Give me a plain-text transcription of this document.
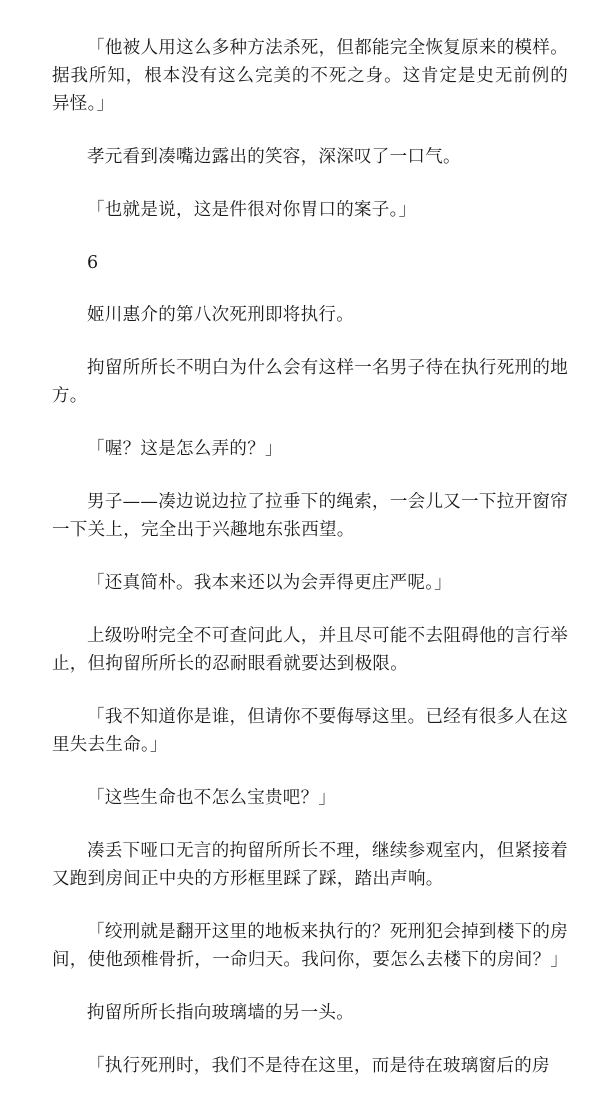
「他被人用这么多种方法杀死，但都能完全恢复原来的模样。据我所知，根本没有这么完美的不死之身。这肯定是史无前例的异怪。」

孝元看到凑嘴边露出的笑容，深深叹了一口气。

「也就是说，这是件很对你胃口的案子。」

6

姬川惠介的第八次死刑即将执行。

拘留所所长不明白为什么会有这样一名男子待在执行死刑的地方。

「喔？这是怎么弄的？」

男子——凑边说边拉了拉垂下的绳索，一会儿又一下拉开窗帘一下关上，完全出于兴趣地东张西望。

「还真简朴。我本来还以为会弄得更庄严呢。」

上级吩咐完全不可查问此人，并且尽可能不去阻碍他的言行举止，但拘留所所长的忍耐眼看就要达到极限。

「我不知道你是谁，但请你不要侮辱这里。已经有很多人在这里失去生命。」

「这些生命也不怎么宝贵吧？」

凑丢下哑口无言的拘留所所长不理，继续参观室内，但紧接着又跑到房间正中央的方形框里踩了踩，踏出声响。

「绞刑就是翻开这里的地板来执行的？死刑犯会掉到楼下的房间，使他颈椎骨折，一命归天。我问你，要怎么去楼下的房间？」

拘留所所长指向玻璃墙的另一头。

「执行死刑时，我们不是待在这里，而是待在玻璃窗后的房
